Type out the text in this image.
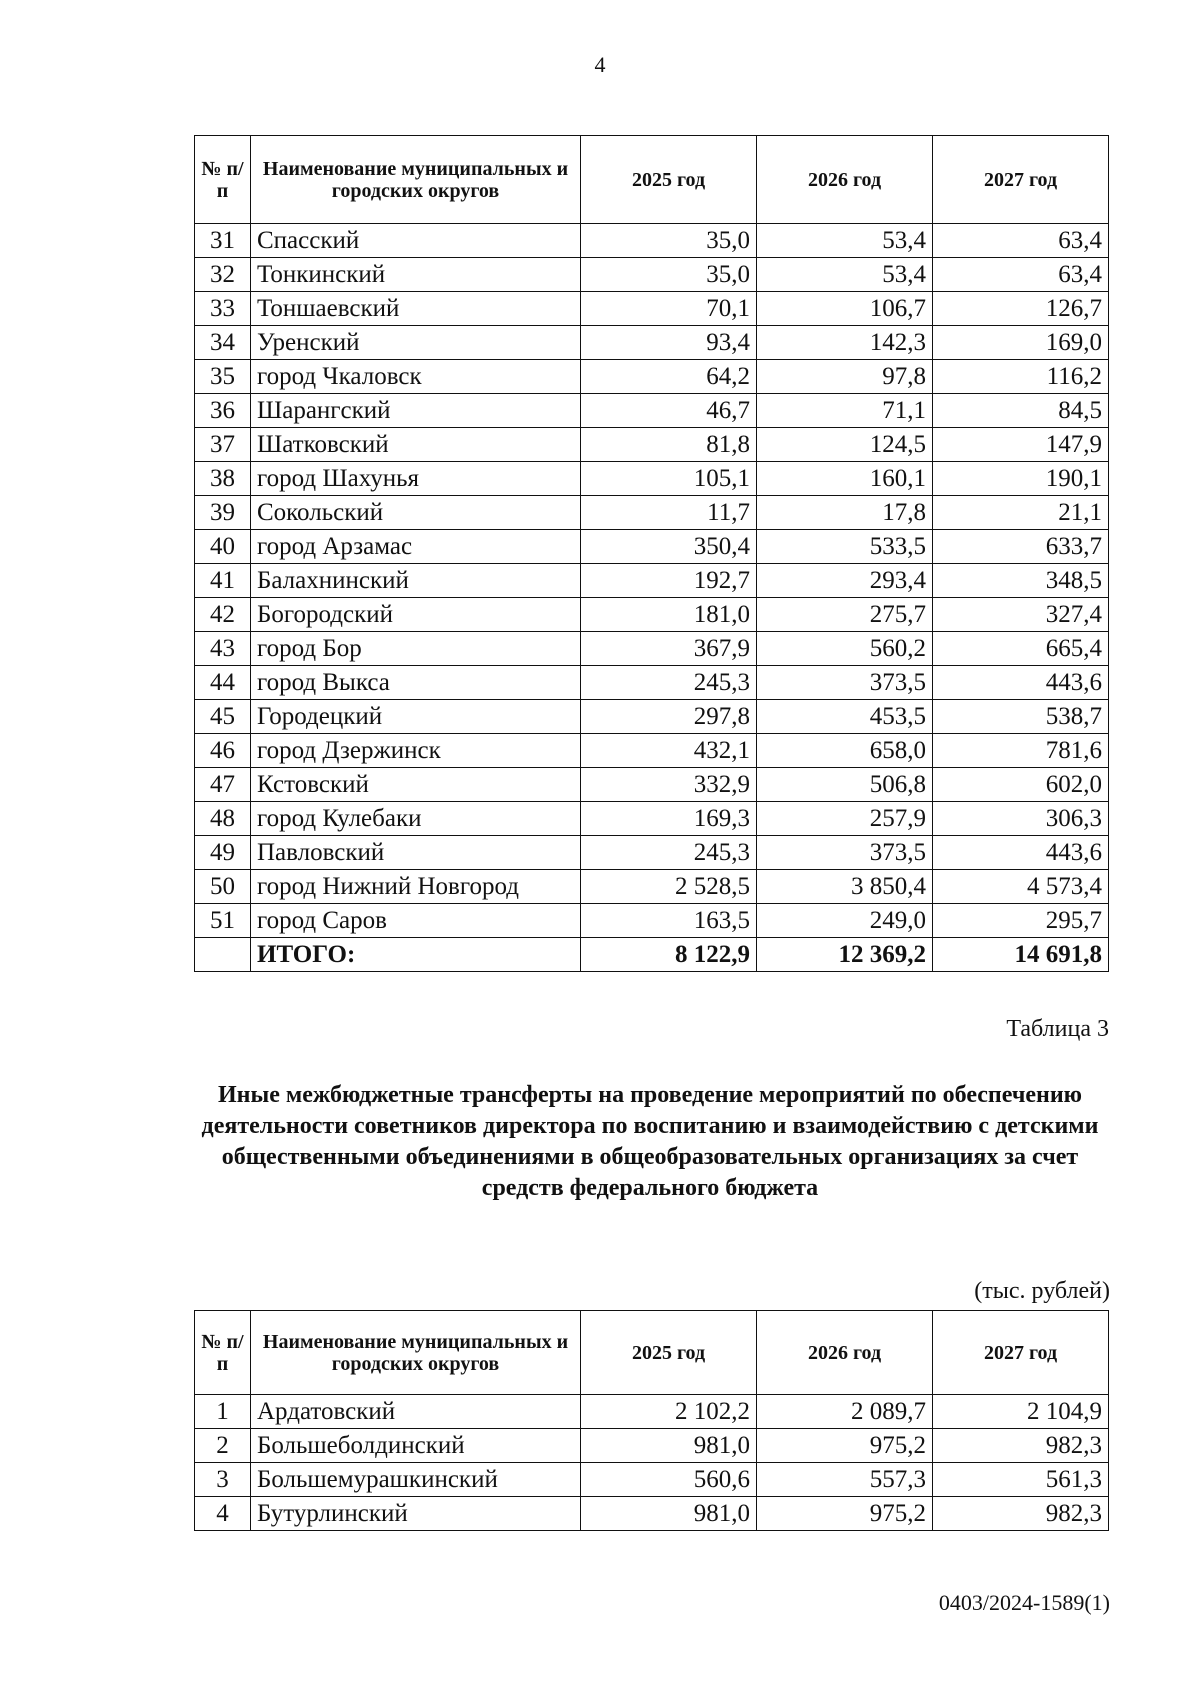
4
№ п/п	Наименование муниципальных и городских округов	2025 год	2026 год	2027 год
31	Спасский	35,0	53,4	63,4
32	Тонкинский	35,0	53,4	63,4
33	Тоншаевский	70,1	106,7	126,7
34	Уренский	93,4	142,3	169,0
35	город Чкаловск	64,2	97,8	116,2
36	Шарангский	46,7	71,1	84,5
37	Шатковский	81,8	124,5	147,9
38	город Шахунья	105,1	160,1	190,1
39	Сокольский	11,7	17,8	21,1
40	город Арзамас	350,4	533,5	633,7
41	Балахнинский	192,7	293,4	348,5
42	Богородский	181,0	275,7	327,4
43	город Бор	367,9	560,2	665,4
44	город Выкса	245,3	373,5	443,6
45	Городецкий	297,8	453,5	538,7
46	город Дзержинск	432,1	658,0	781,6
47	Кстовский	332,9	506,8	602,0
48	город Кулебаки	169,3	257,9	306,3
49	Павловский	245,3	373,5	443,6
50	город Нижний Новгород	2 528,5	3 850,4	4 573,4
51	город Саров	163,5	249,0	295,7
	ИТОГО:	8 122,9	12 369,2	14 691,8
Таблица 3
Иные межбюджетные трансферты на проведение мероприятий по обеспечению деятельности советников директора по воспитанию и взаимодействию с детскими общественными объединениями в общеобразовательных организациях за счет средств федерального бюджета
(тыс. рублей)
№ п/п	Наименование муниципальных и городских округов	2025 год	2026 год	2027 год
1	Ардатовский	2 102,2	2 089,7	2 104,9
2	Большеболдинский	981,0	975,2	982,3
3	Большемурашкинский	560,6	557,3	561,3
4	Бутурлинский	981,0	975,2	982,3
0403/2024-1589(1)
